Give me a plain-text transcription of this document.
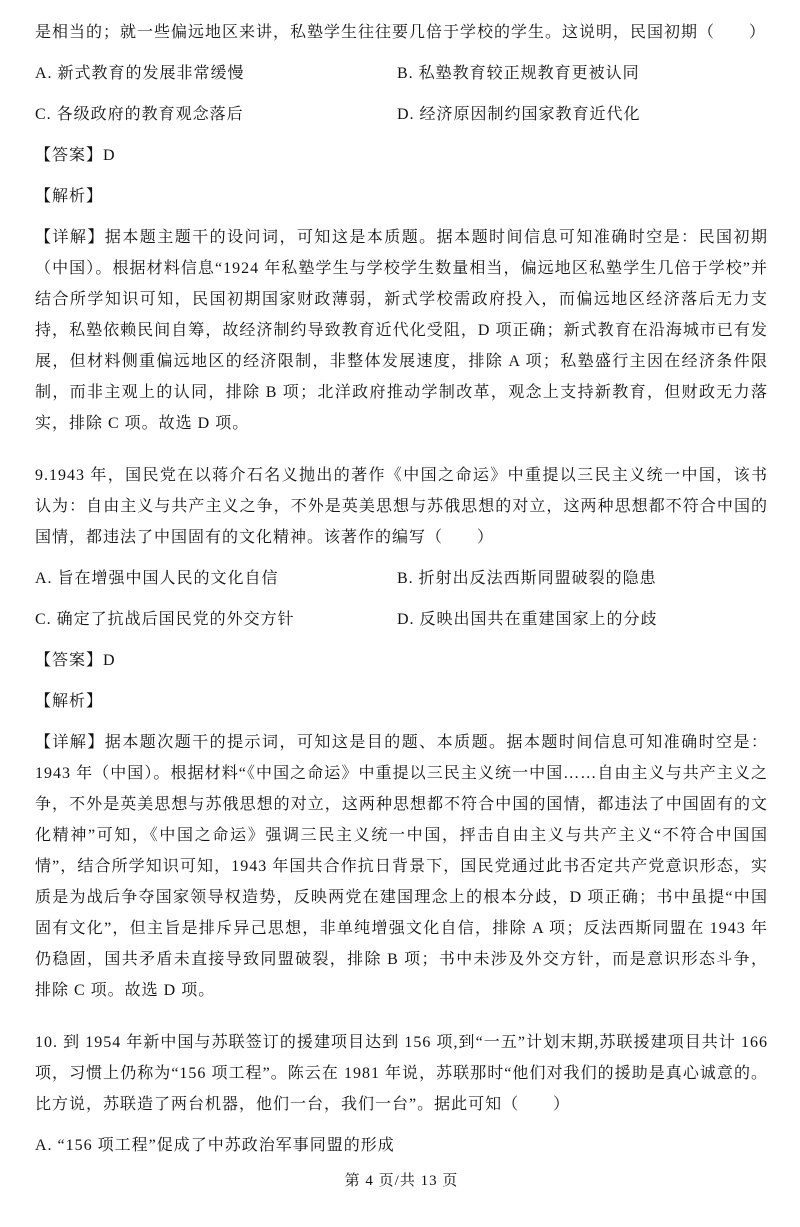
是相当的；就一些偏远地区来讲，私塾学生往往要几倍于学校的学生。这说明，民国初期（　　）

A. 新式教育的发展非常缓慢	B. 私塾教育较正规教育更被认同
C. 各级政府的教育观念落后	D. 经济原因制约国家教育近代化

【答案】D

【解析】

【详解】据本题主题干的设问词，可知这是本质题。据本题时间信息可知准确时空是：民国初期（中国）。根据材料信息“1924 年私塾学生与学校学生数量相当，偏远地区私塾学生几倍于学校”并结合所学知识可知，民国初期国家财政薄弱，新式学校需政府投入，而偏远地区经济落后无力支持，私塾依赖民间自筹，故经济制约导致教育近代化受阻，D 项正确；新式教育在沿海城市已有发展，但材料侧重偏远地区的经济限制，非整体发展速度，排除 A 项；私塾盛行主因在经济条件限制，而非主观上的认同，排除 B 项；北洋政府推动学制改革，观念上支持新教育，但财政无力落实，排除 C 项。故选 D 项。

9.1943 年，国民党在以蒋介石名义抛出的著作《中国之命运》中重提以三民主义统一中国，该书认为：自由主义与共产主义之争，不外是英美思想与苏俄思想的对立，这两种思想都不符合中国的国情，都违法了中国固有的文化精神。该著作的编写（　　）

A. 旨在增强中国人民的文化自信	B. 折射出反法西斯同盟破裂的隐患
C. 确定了抗战后国民党的外交方针	D. 反映出国共在重建国家上的分歧

【答案】D

【解析】

【详解】据本题次题干的提示词，可知这是目的题、本质题。据本题时间信息可知准确时空是：1943 年（中国）。根据材料“《中国之命运》中重提以三民主义统一中国……自由主义与共产主义之争，不外是英美思想与苏俄思想的对立，这两种思想都不符合中国的国情，都违法了中国固有的文化精神”可知，《中国之命运》强调三民主义统一中国，抨击自由主义与共产主义“不符合中国国情”，结合所学知识可知，1943 年国共合作抗日背景下，国民党通过此书否定共产党意识形态，实质是为战后争夺国家领导权造势，反映两党在建国理念上的根本分歧，D 项正确；书中虽提“中国固有文化”，但主旨是排斥异己思想，非单纯增强文化自信，排除 A 项；反法西斯同盟在 1943 年仍稳固，国共矛盾未直接导致同盟破裂，排除 B 项；书中未涉及外交方针，而是意识形态斗争，排除 C 项。故选 D 项。

10. 到 1954 年新中国与苏联签订的援建项目达到 156 项,到“一五”计划末期,苏联援建项目共计 166 项，习惯上仍称为“156 项工程”。陈云在 1981 年说，苏联那时“他们对我们的援助是真心诚意的。比方说，苏联造了两台机器，他们一台，我们一台”。据此可知（　　）

A. “156 项工程”促成了中苏政治军事同盟的形成

第 4 页/共 13 页
